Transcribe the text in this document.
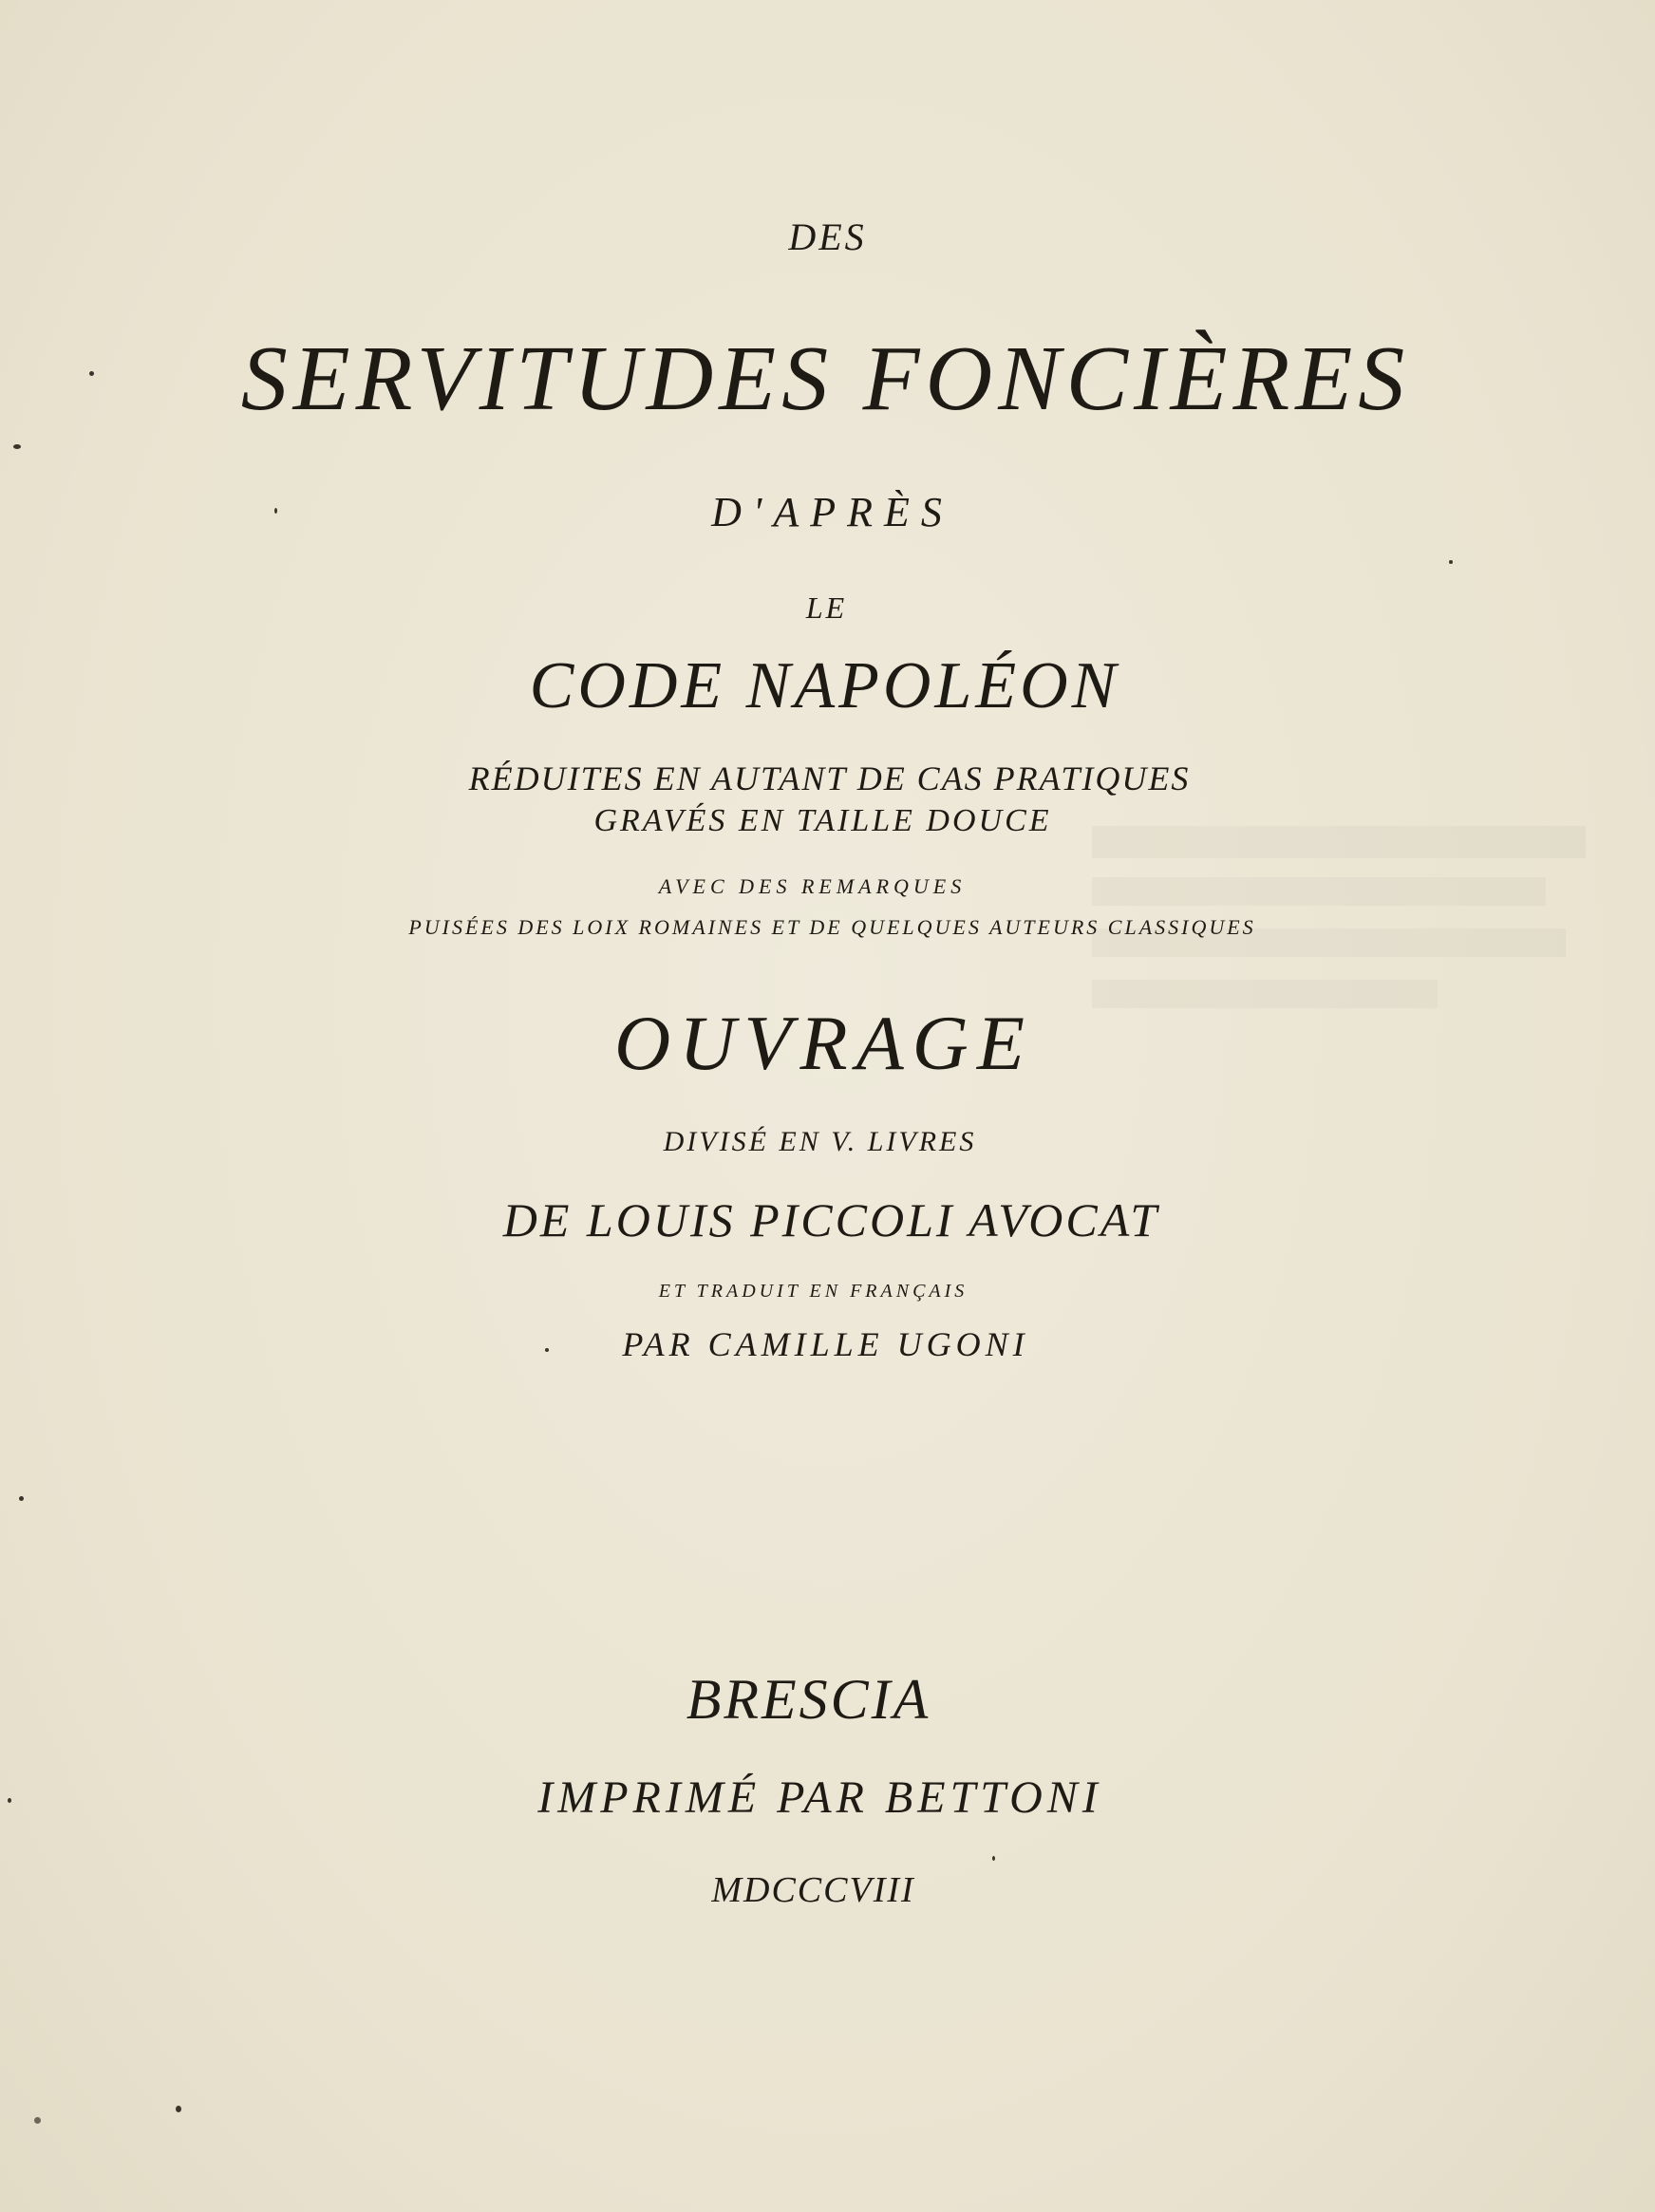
DES

SERVITUDES FONCIÈRES

D'APRÈS

LE

CODE NAPOLÉON

RÉDUITES EN AUTANT DE CAS PRATIQUES

GRAVÉS EN TAILLE DOUCE

AVEC DES REMARQUES

PUISÉES DES LOIX ROMAINES ET DE QUELQUES AUTEURS CLASSIQUES

OUVRAGE

DIVISÉ EN V. LIVRES

DE LOUIS PICCOLI AVOCAT

ET TRADUIT EN FRANÇAIS

PAR CAMILLE UGONI

BRESCIA

IMPRIMÉ PAR BETTONI

MDCCCVIII
